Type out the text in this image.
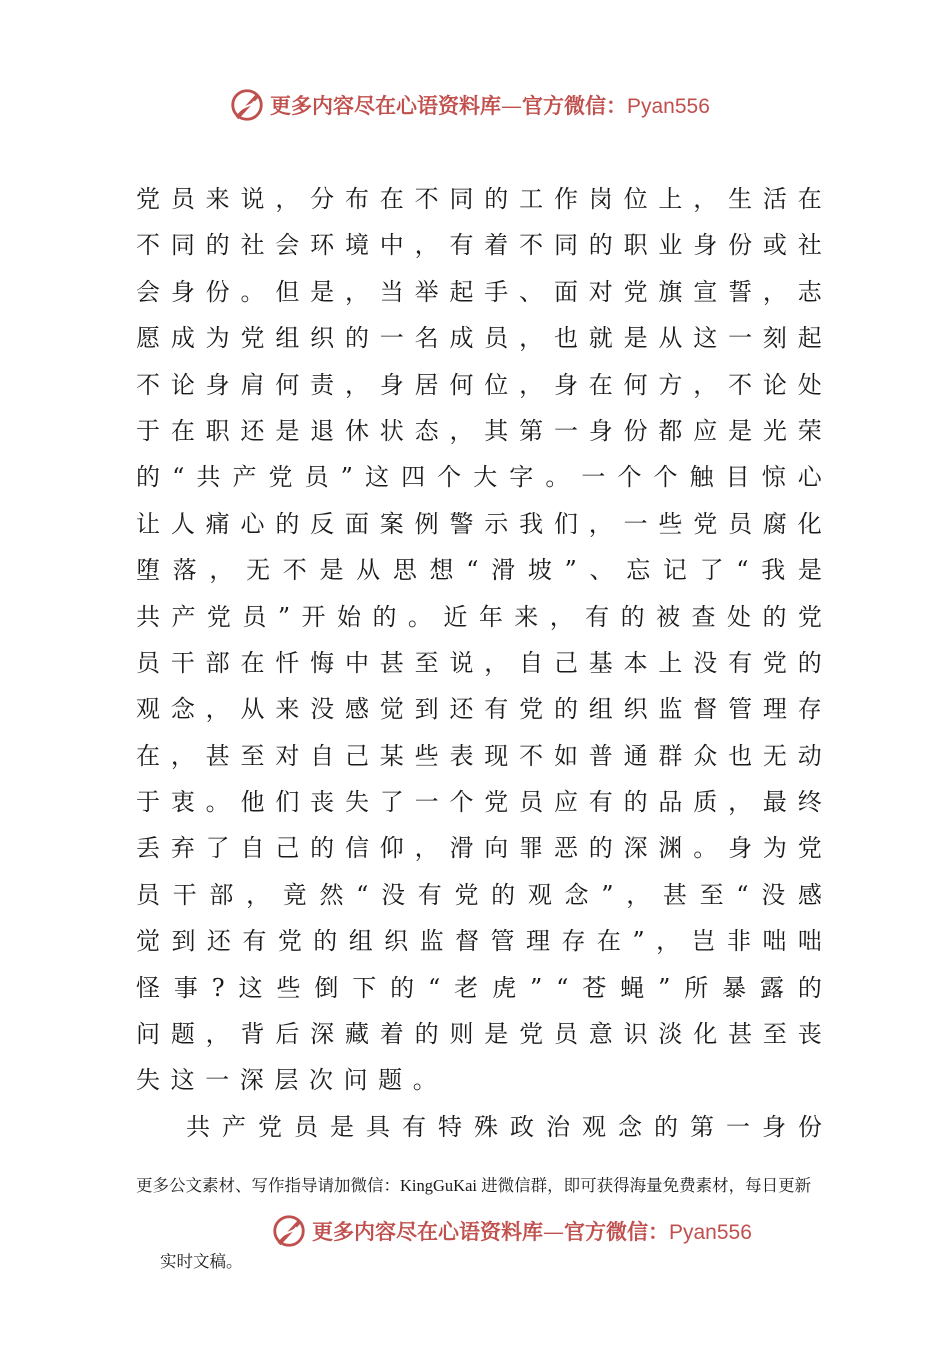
更多内容尽在心语资料库—官方微信：Pyan556
党 员 来 说 ， 分 布 在 不 同 的 工 作 岗 位 上 ， 生 活 在
不 同 的 社 会 环 境 中 ， 有 着 不 同 的 职 业 身 份 或 社
会 身 份 。 但 是 ， 当 举 起 手 、 面 对 党 旗 宣 誓 ， 志
愿 成 为 党 组 织 的 一 名 成 员 ， 也 就 是 从 这 一 刻 起
不 论 身 肩 何 责 ， 身 居 何 位 ， 身 在 何 方 ， 不 论 处
于 在 职 还 是 退 休 状 态 ， 其 第 一 身 份 都 应 是 光 荣
的 “ 共 产 党 员 ” 这 四 个 大 字 。 一 个 个 触 目 惊 心
让 人 痛 心 的 反 面 案 例 警 示 我 们 ， 一 些 党 员 腐 化
堕 落 ， 无 不 是 从 思 想 “ 滑 坡 ” 、 忘 记 了 “ 我 是
共 产 党 员 ” 开 始 的 。 近 年 来 ， 有 的 被 查 处 的 党
员 干 部 在 忏 悔 中 甚 至 说 ， 自 己 基 本 上 没 有 党 的
观 念 ， 从 来 没 感 觉 到 还 有 党 的 组 织 监 督 管 理 存
在 ， 甚 至 对 自 己 某 些 表 现 不 如 普 通 群 众 也 无 动
于 衷 。 他 们 丧 失 了 一 个 党 员 应 有 的 品 质 ， 最 终
丢 弃 了 自 己 的 信 仰 ， 滑 向 罪 恶 的 深 渊 。 身 为 党
员 干 部 ， 竟 然 “ 没 有 党 的 观 念 ” ， 甚 至 “ 没 感
觉 到 还 有 党 的 组 织 监 督 管 理 存 在 ” ， 岂 非 咄 咄
怪 事 ? 这 些 倒 下 的 “ 老 虎 ” “ 苍 蝇 ” 所 暴 露 的
问 题 ， 背 后 深 藏 着 的 则 是 党 员 意 识 淡 化 甚 至 丧
失 这 一 深 层 次 问 题 。
共 产 党 员 是 具 有 特 殊 政 治 观 念 的 第 一 身 份
更多公文素材、写作指导请加微信：KingGuKai 进微信群，即可获得海量免费素材，每日更新
更多内容尽在心语资料库—官方微信：Pyan556
实时文稿。
